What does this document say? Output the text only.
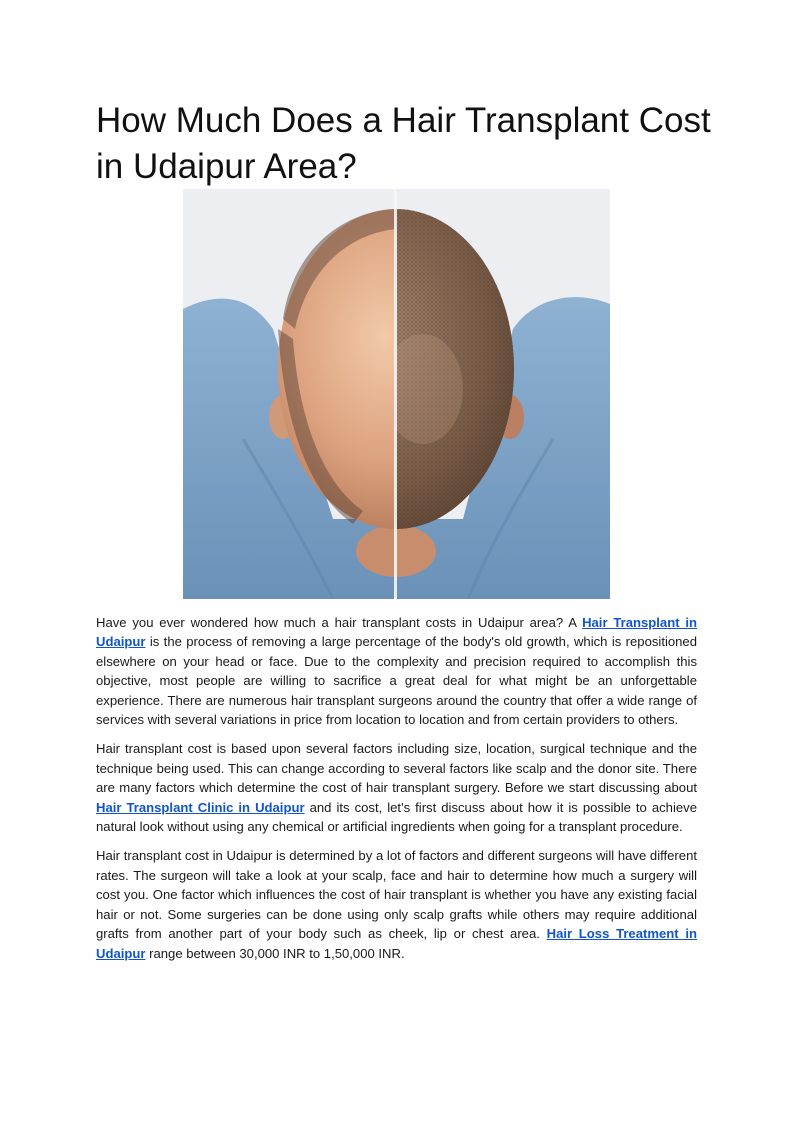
How Much Does a Hair Transplant Cost in Udaipur Area?

Have you ever wondered how much a hair transplant costs in Udaipur area? A Hair Transplant in Udaipur is the process of removing a large percentage of the body's old growth, which is repositioned elsewhere on your head or face. Due to the complexity and precision required to accomplish this objective, most people are willing to sacrifice a great deal for what might be an unforgettable experience. There are numerous hair transplant surgeons around the country that offer a wide range of services with several variations in price from location to location and from certain providers to others.

Hair transplant cost is based upon several factors including size, location, surgical technique and the technique being used. This can change according to several factors like scalp and the donor site. There are many factors which determine the cost of hair transplant surgery. Before we start discussing about Hair Transplant Clinic in Udaipur and its cost, let's first discuss about how it is possible to achieve natural look without using any chemical or artificial ingredients when going for a transplant procedure.

Hair transplant cost in Udaipur is determined by a lot of factors and different surgeons will have different rates. The surgeon will take a look at your scalp, face and hair to determine how much a surgery will cost you. One factor which influences the cost of hair transplant is whether you have any existing facial hair or not. Some surgeries can be done using only scalp grafts while others may require additional grafts from another part of your body such as cheek, lip or chest area. Hair Loss Treatment in Udaipur range between 30,000 INR to 1,50,000 INR.
